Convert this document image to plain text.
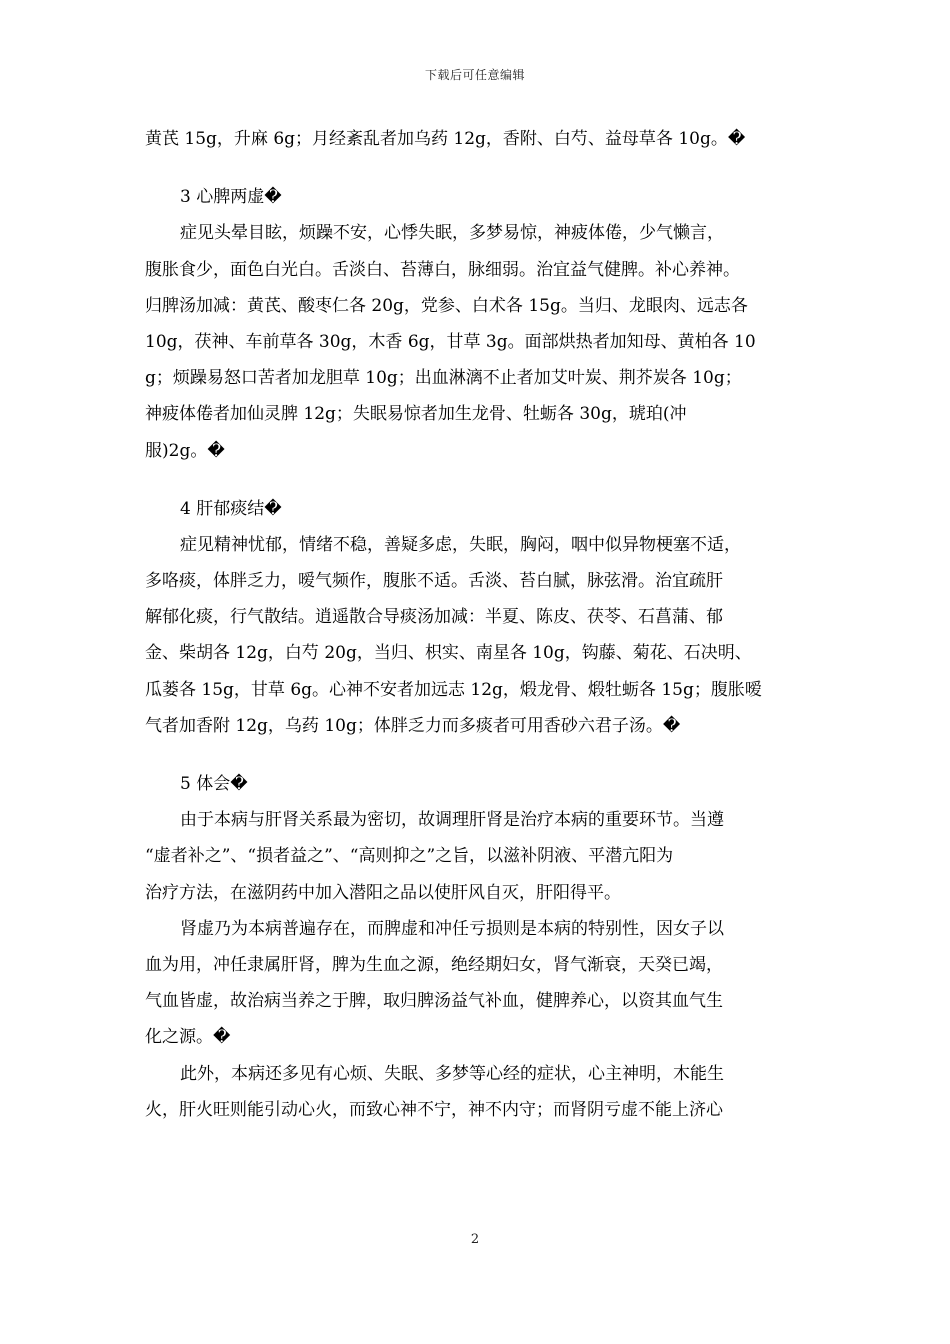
下载后可任意编辑
黄芪 15g，升麻 6g；月经紊乱者加乌药 12g，香附、白芍、益母草各 10g。�
3 心脾两虚�
症见头晕目眩，烦躁不安，心悸失眠，多梦易惊，神疲体倦，少气懒言，
腹胀食少，面色白光白。舌淡白、苔薄白，脉细弱。治宜益气健脾。补心养神。
归脾汤加减：黄芪、酸枣仁各 20g，党参、白术各 15g。当归、龙眼肉、远志各
10g，茯神、车前草各 30g，木香 6g，甘草 3g。面部烘热者加知母、黄柏各 10
g；烦躁易怒口苦者加龙胆草 10g；出血淋漓不止者加艾叶炭、荆芥炭各 10g；
神疲体倦者加仙灵脾 12g；失眠易惊者加生龙骨、牡蛎各 30g，琥珀(冲
服)2g。�
4 肝郁痰结�
症见精神忧郁，情绪不稳，善疑多虑，失眠，胸闷，咽中似异物梗塞不适，
多咯痰，体胖乏力，嗳气频作，腹胀不适。舌淡、苔白腻，脉弦滑。治宜疏肝
解郁化痰，行气散结。逍遥散合导痰汤加减：半夏、陈皮、茯苓、石菖蒲、郁
金、柴胡各 12g，白芍 20g，当归、枳实、南星各 10g，钩藤、菊花、石决明、
瓜蒌各 15g，甘草 6g。心神不安者加远志 12g，煅龙骨、煅牡蛎各 15g；腹胀嗳
气者加香附 12g，乌药 10g；体胖乏力而多痰者可用香砂六君子汤。�
5 体会�
由于本病与肝肾关系最为密切，故调理肝肾是治疗本病的重要环节。当遵
“虚者补之”、“损者益之”、“高则抑之”之旨，以滋补阴液、平潜亢阳为
治疗方法，在滋阴药中加入潜阳之品以使肝风自灭，肝阳得平。
肾虚乃为本病普遍存在，而脾虚和冲任亏损则是本病的特别性，因女子以
血为用，冲任隶属肝肾，脾为生血之源，绝经期妇女，肾气渐衰，天癸已竭，
气血皆虚，故治病当养之于脾，取归脾汤益气补血，健脾养心，以资其血气生
化之源。�
此外，本病还多见有心烦、失眠、多梦等心经的症状，心主神明，木能生
火，肝火旺则能引动心火，而致心神不宁，神不内守；而肾阴亏虚不能上济心
2
